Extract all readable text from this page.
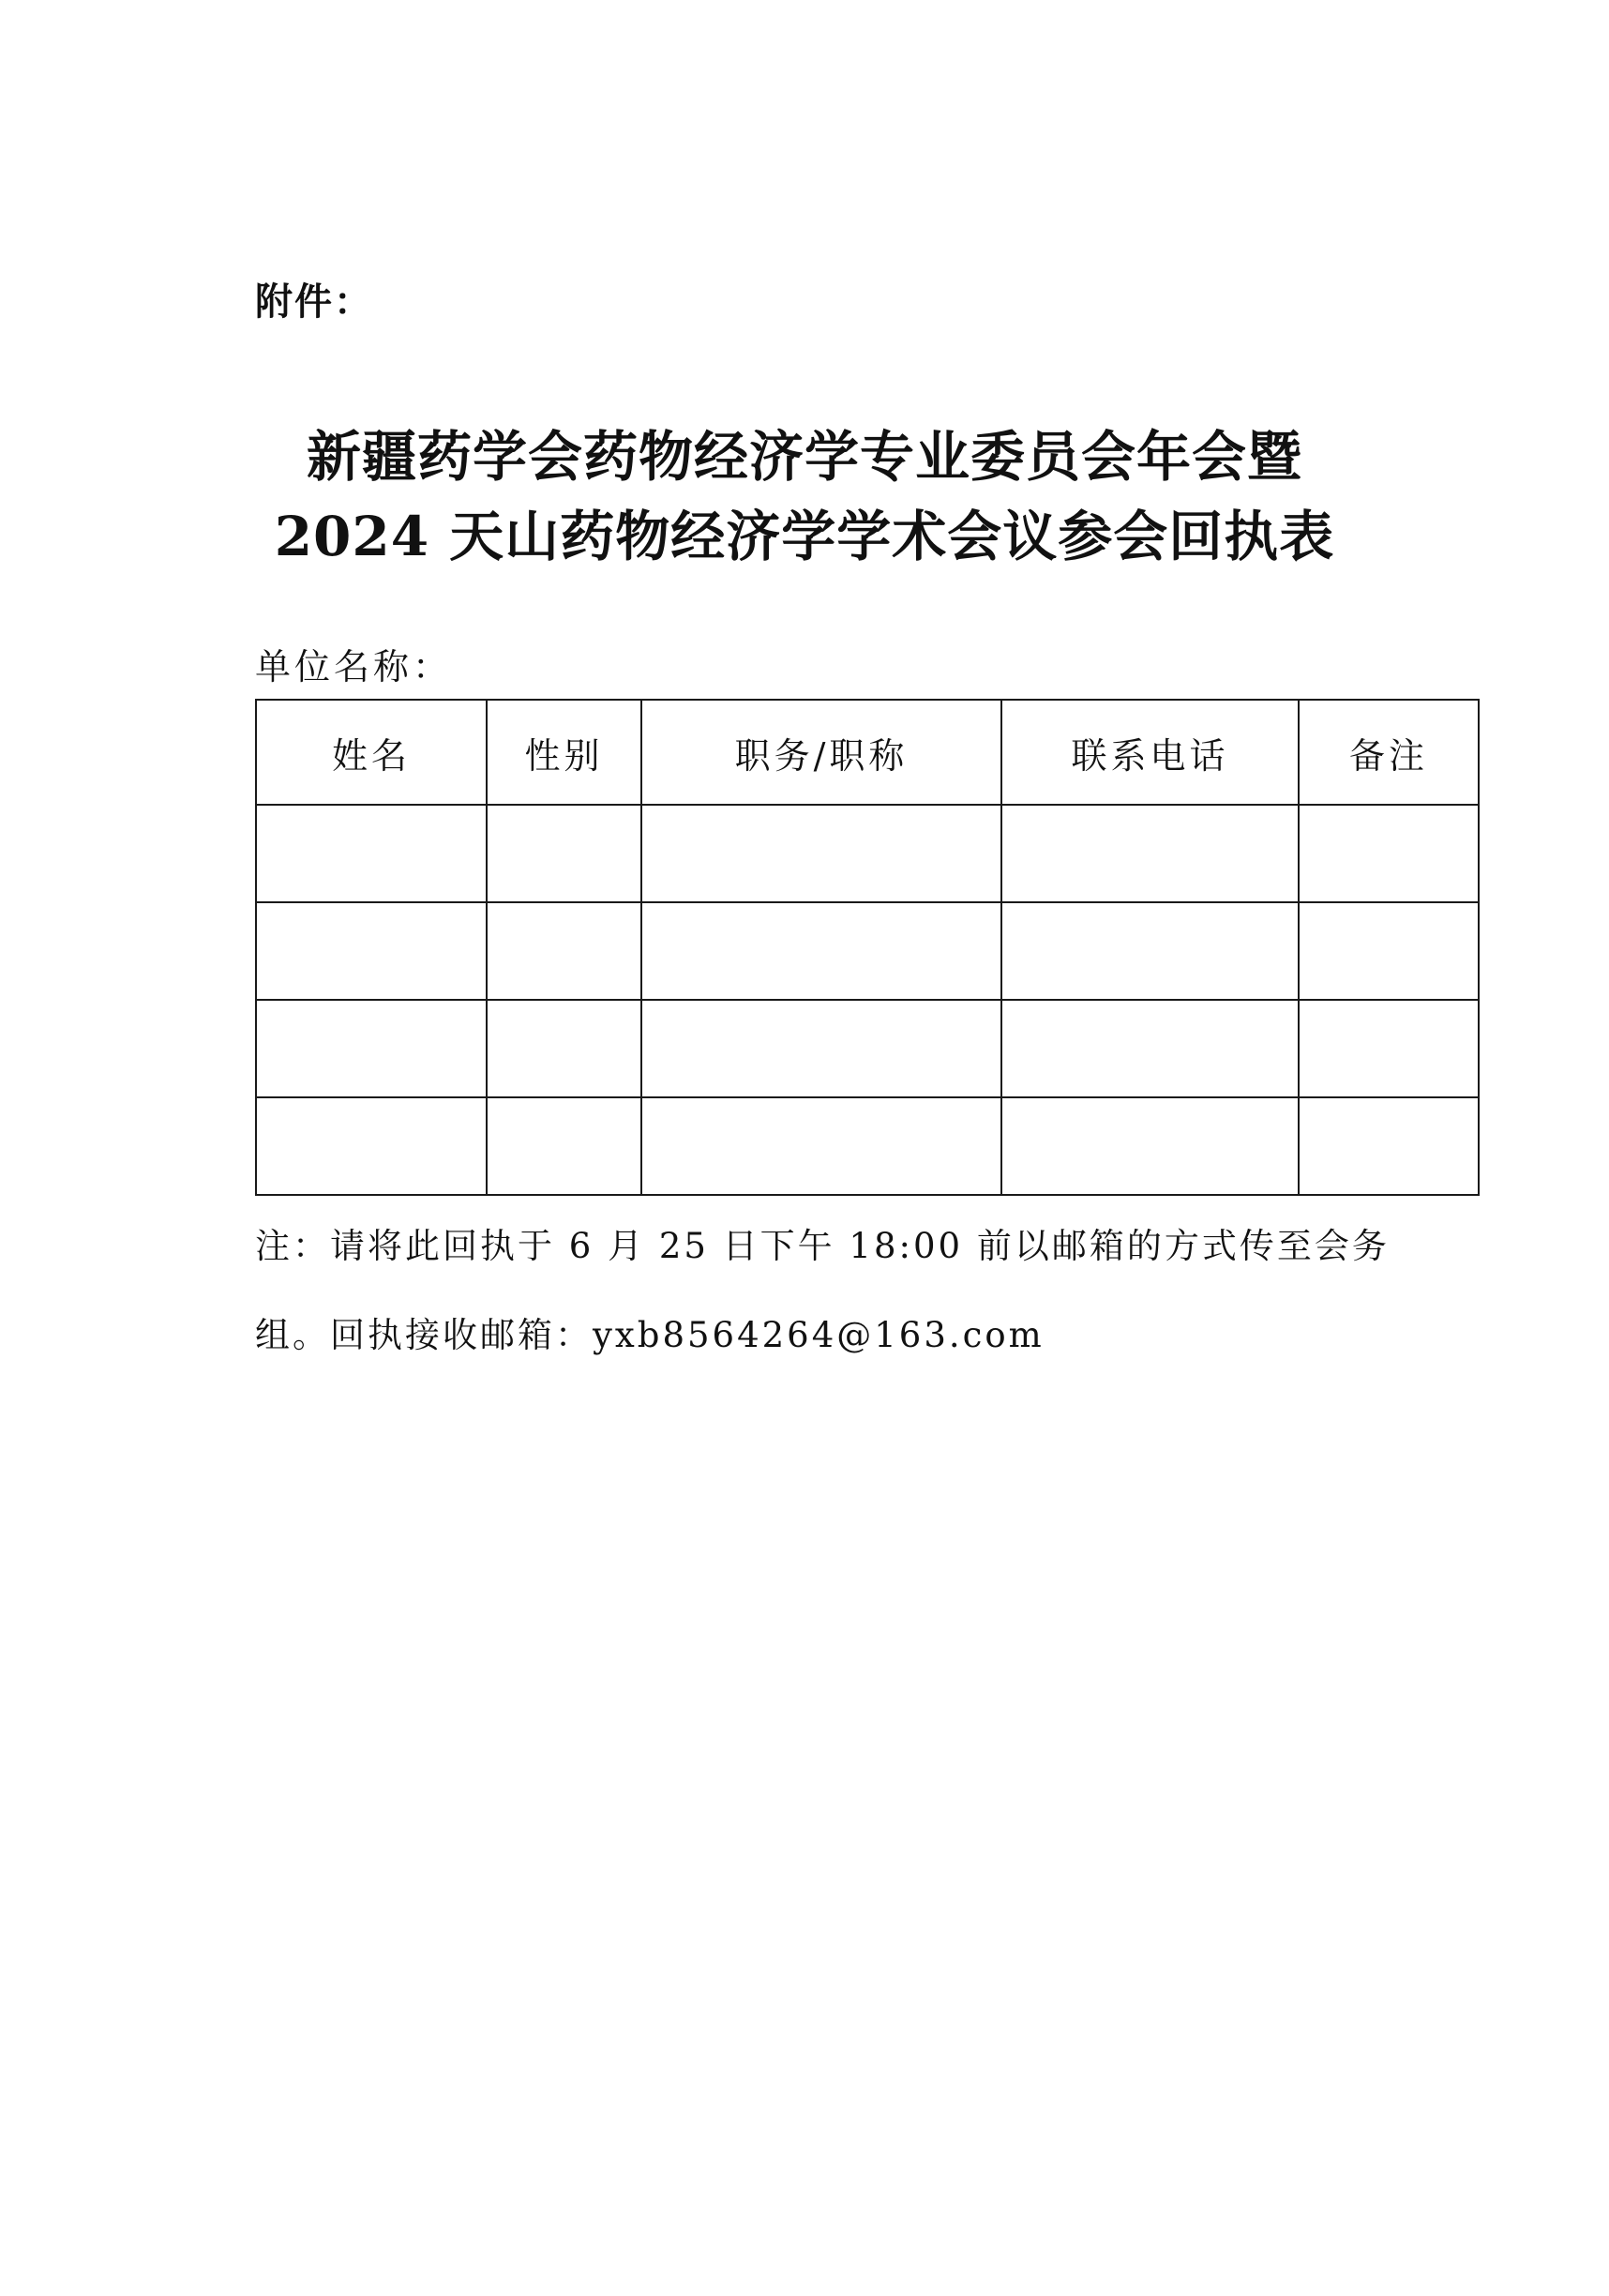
附件：
新疆药学会药物经济学专业委员会年会暨
2024 天山药物经济学学术会议参会回执表
单位名称：
姓名	性别	职务/职称	联系电话	备注

注：请将此回执于 6 月 25 日下午 18:00 前以邮箱的方式传至会务
组。回执接收邮箱：yxb8564264@163.com
